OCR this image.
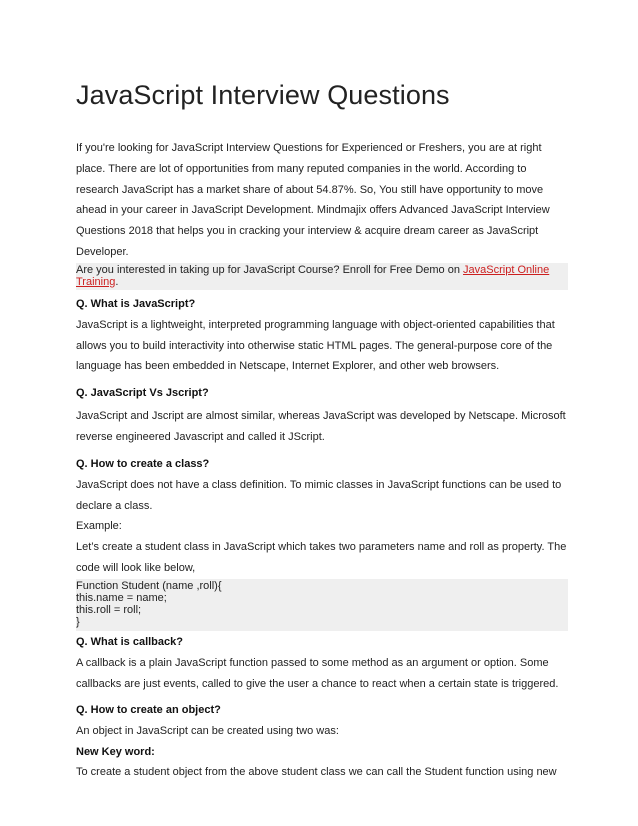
JavaScript Interview Questions

If you're looking for JavaScript Interview Questions for Experienced or Freshers, you are at right place. There are lot of opportunities from many reputed companies in the world. According to research JavaScript has a market share of about 54.87%. So, You still have opportunity to move ahead in your career in JavaScript Development. Mindmajix offers Advanced JavaScript Interview Questions 2018 that helps you in cracking your interview & acquire dream career as JavaScript Developer.

Are you interested in taking up for JavaScript Course? Enroll for Free Demo on JavaScript Online Training.
Q. What is JavaScript?

JavaScript is a lightweight, interpreted programming language with object-oriented capabilities that allows you to build interactivity into otherwise static HTML pages. The general-purpose core of the language has been embedded in Netscape, Internet Explorer, and other web browsers.

Q. JavaScript Vs Jscript?

JavaScript and Jscript are almost similar, whereas JavaScript was developed by Netscape. Microsoft reverse engineered Javascript and called it JScript.

Q. How to create a class?

JavaScript does not have a class definition. To mimic classes in JavaScript functions can be used to declare a class.

Example:

Let’s create a student class in JavaScript which takes two parameters name and roll as property. The code will look like below,

Function Student (name ,roll){
this.name = name;
this.roll = roll;
}
Q. What is callback?

A callback is a plain JavaScript function passed to some method as an argument or option. Some callbacks are just events, called to give the user a chance to react when a certain state is triggered.

Q. How to create an object?

An object in JavaScript can be created using two was:

New Key word:

To create a student object from the above student class we can call the Student function using new
